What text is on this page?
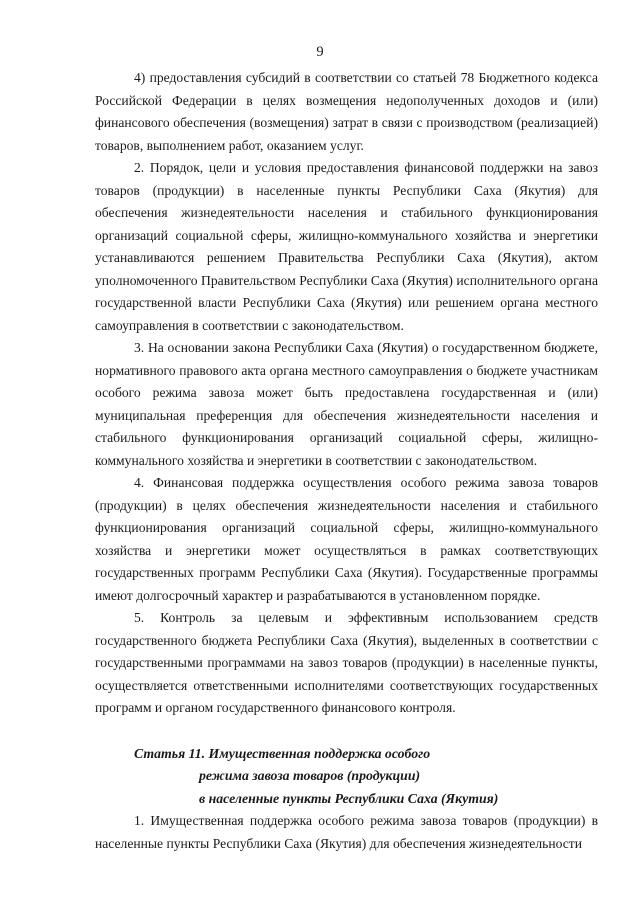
9

4) предоставления субсидий в соответствии со статьей 78 Бюджетного кодекса Российской Федерации в целях возмещения недополученных доходов и (или) финансового обеспечения (возмещения) затрат в связи с производством (реализацией) товаров, выполнением работ, оказанием услуг.

2. Порядок, цели и условия предоставления финансовой поддержки на завоз товаров (продукции) в населенные пункты Республики Саха (Якутия) для обеспечения жизнедеятельности населения и стабильного функционирования организаций социальной сферы, жилищно-коммунального хозяйства и энергетики устанавливаются решением Правительства Республики Саха (Якутия), актом уполномоченного Правительством Республики Саха (Якутия) исполнительного органа государственной власти Республики Саха (Якутия) или решением органа местного самоуправления в соответствии с законодательством.

3. На основании закона Республики Саха (Якутия) о государственном бюджете, нормативного правового акта органа местного самоуправления о бюджете участникам особого режима завоза может быть предоставлена государственная и (или) муниципальная преференция для обеспечения жизнедеятельности населения и стабильного функционирования организаций социальной сферы, жилищно-коммунального хозяйства и энергетики в соответствии с законодательством.

4. Финансовая поддержка осуществления особого режима завоза товаров (продукции) в целях обеспечения жизнедеятельности населения и стабильного функционирования организаций социальной сферы, жилищно-коммунального хозяйства и энергетики может осуществляться в рамках соответствующих государственных программ Республики Саха (Якутия). Государственные программы имеют долгосрочный характер и разрабатываются в установленном порядке.

5. Контроль за целевым и эффективным использованием средств государственного бюджета Республики Саха (Якутия), выделенных в соответствии с государственными программами на завоз товаров (продукции) в населенные пункты, осуществляется ответственными исполнителями соответствующих государственных программ и органом государственного финансового контроля.

Статья 11. Имущественная поддержка особого
режима завоза товаров (продукции)
в населенные пункты Республики Саха (Якутия)

1. Имущественная поддержка особого режима завоза товаров (продукции) в населенные пункты Республики Саха (Якутия) для обеспечения жизнедеятельности
